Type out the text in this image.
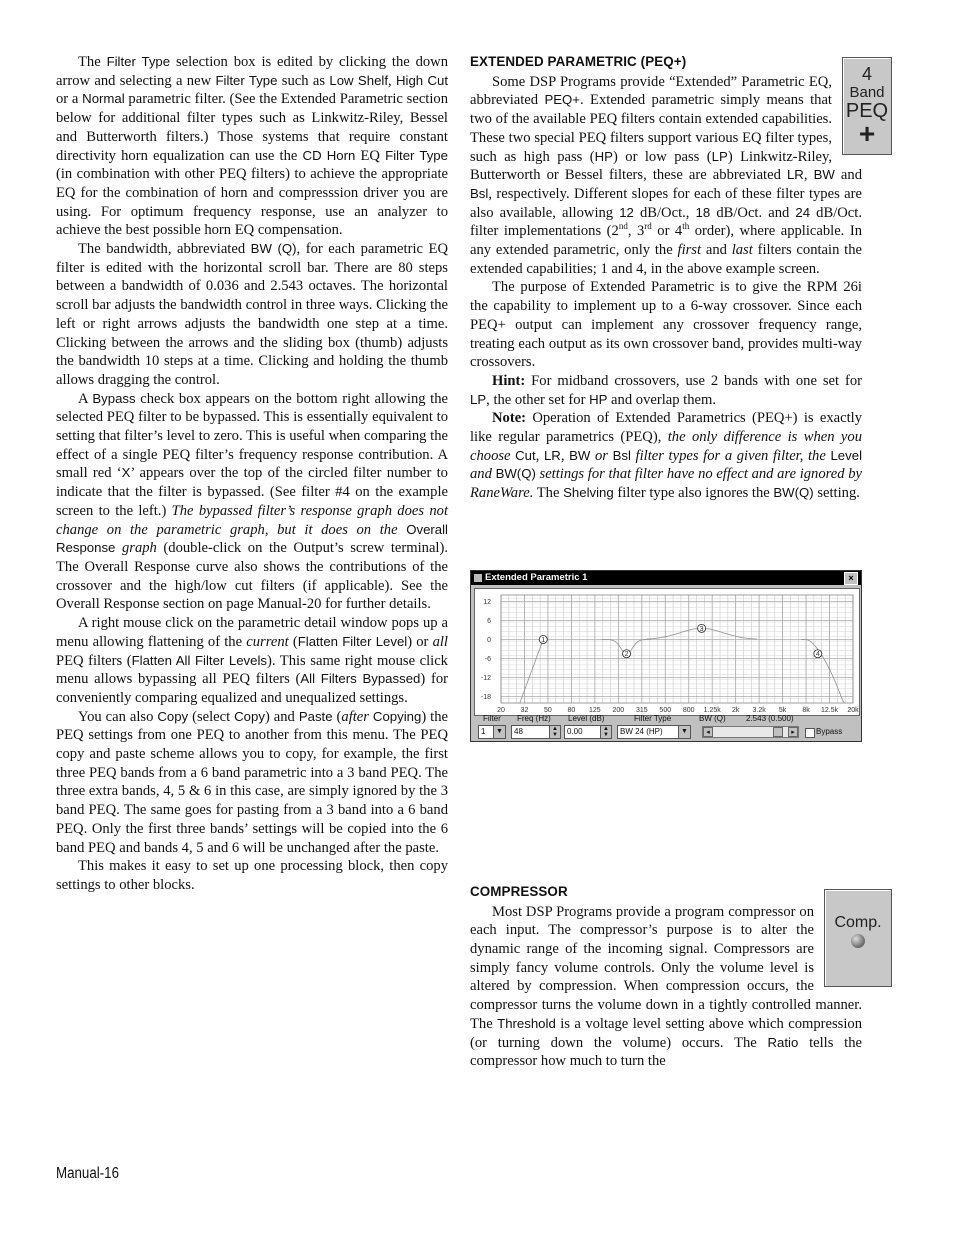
The Filter Type selection box is edited by clicking the down arrow and selecting a new Filter Type such as Low Shelf, High Cut or a Normal parametric filter. (See the Extended Parametric section below for additional filter types such as Linkwitz-Riley, Bessel and Butterworth filters.) Those systems that require constant directivity horn equalization can use the CD Horn EQ Filter Type (in combination with other PEQ filters) to achieve the appropriate EQ for the combination of horn and compresssion driver you are using. For optimum frequency response, use an analyzer to achieve the best possible horn EQ compensation.

The bandwidth, abbreviated BW (Q), for each parametric EQ filter is edited with the horizontal scroll bar. There are 80 steps between a bandwidth of 0.036 and 2.543 octaves. The horizontal scroll bar adjusts the bandwidth control in three ways. Clicking the left or right arrows adjusts the bandwidth one step at a time. Clicking between the arrows and the sliding box (thumb) adjusts the bandwidth 10 steps at a time. Clicking and holding the thumb allows dragging the control.

A Bypass check box appears on the bottom right allowing the selected PEQ filter to be bypassed. This is essentially equivalent to setting that filter’s level to zero. This is useful when comparing the effect of a single PEQ filter’s frequency response contribution. A small red ‘X’ appears over the top of the circled filter number to indicate that the filter is bypassed. (See filter #4 on the example screen to the left.) The bypassed filter’s response graph does not change on the parametric graph, but it does on the Overall Response graph (double-click on the Output’s screw terminal). The Overall Response curve also shows the contributions of the crossover and the high/low cut filters (if applicable). See the Overall Response section on page Manual-20 for further details.

A right mouse click on the parametric detail window pops up a menu allowing flattening of the current (Flatten Filter Level) or all PEQ filters (Flatten All Filter Levels). This same right mouse click menu allows bypassing all PEQ filters (All Filters Bypassed) for conveniently comparing equalized and unequalized settings.

You can also Copy (select Copy) and Paste (after Copying) the PEQ settings from one PEQ to another from this menu. The PEQ copy and paste scheme allows you to copy, for example, the first three PEQ bands from a 6 band parametric into a 3 band PEQ. The three extra bands, 4, 5 & 6 in this case, are simply ignored by the 3 band PEQ. The same goes for pasting from a 3 band into a 6 band PEQ. Only the first three bands’ settings will be copied into the 6 band PEQ and bands 4, 5 and 6 will be unchanged after the paste.

This makes it easy to set up one processing block, then copy settings to other blocks.

EXTENDED PARAMETRIC (PEQ+)
4
Band
PEQ
+

Some DSP Programs provide “Extended” Parametric EQ, abbreviated PEQ+. Extended parametric simply means that two of the available PEQ filters contain extended capabilities. These two special PEQ filters support various EQ filter types, such as high pass (HP) or low pass (LP) Linkwitz-Riley, Butterworth or Bessel filters, these are abbreviated LR, BW and Bsl, respectively. Different slopes for each of these filter types are also available, allowing 12 dB/Oct., 18 dB/Oct. and 24 dB/Oct. filter implementations (2nd, 3rd or 4th order), where applicable. In any extended parametric, only the first and last filters contain the extended capabilities; 1 and 4, in the above example screen.

The purpose of Extended Parametric is to give the RPM 26i the capability to implement up to a 6-way crossover. Since each PEQ+ output can implement any crossover frequency range, treating each output as its own crossover band, provides multi-way crossovers.

Hint: For midband crossovers, use 2 bands with one set for LP, the other set for HP and overlap them.

Note: Operation of Extended Parametrics (PEQ+) is exactly like regular parametrics (PEQ), the only difference is when you choose Cut, LR, BW or Bsl filter types for a given filter, the Level and BW(Q) settings for that filter have no effect and are ignored by RaneWare. The Shelving filter type also ignores the BW(Q) setting.

COMPRESSOR
Comp.

Most DSP Programs provide a program compressor on each input. The compressor’s purpose is to alter the dynamic range of the incoming signal. Compressors are simply fancy volume controls. Only the volume level is altered by compression. When compression occurs, the compressor turns the volume down in a tightly controlled manner. The Threshold is a voltage level setting above which compression (or turning down the volume) occurs. The Ratio tells the compressor how much to turn the

Extended Parametric 1	×
12
6
0
-6
-12
-18
20 32 50 80 125 200 315 500 800 1.25k 2k 3.2k 5k 8k 12.5k 20k
1
2
3
4
Filter Freq (Hz) Level (dB)	Filter Type	BW (Q)	2.543 (0.500)
1	▼	48	▲
▼	0.00	▲
▼	BW 24 (HP)	▼	◂	▸	Bypass
Manual-16
